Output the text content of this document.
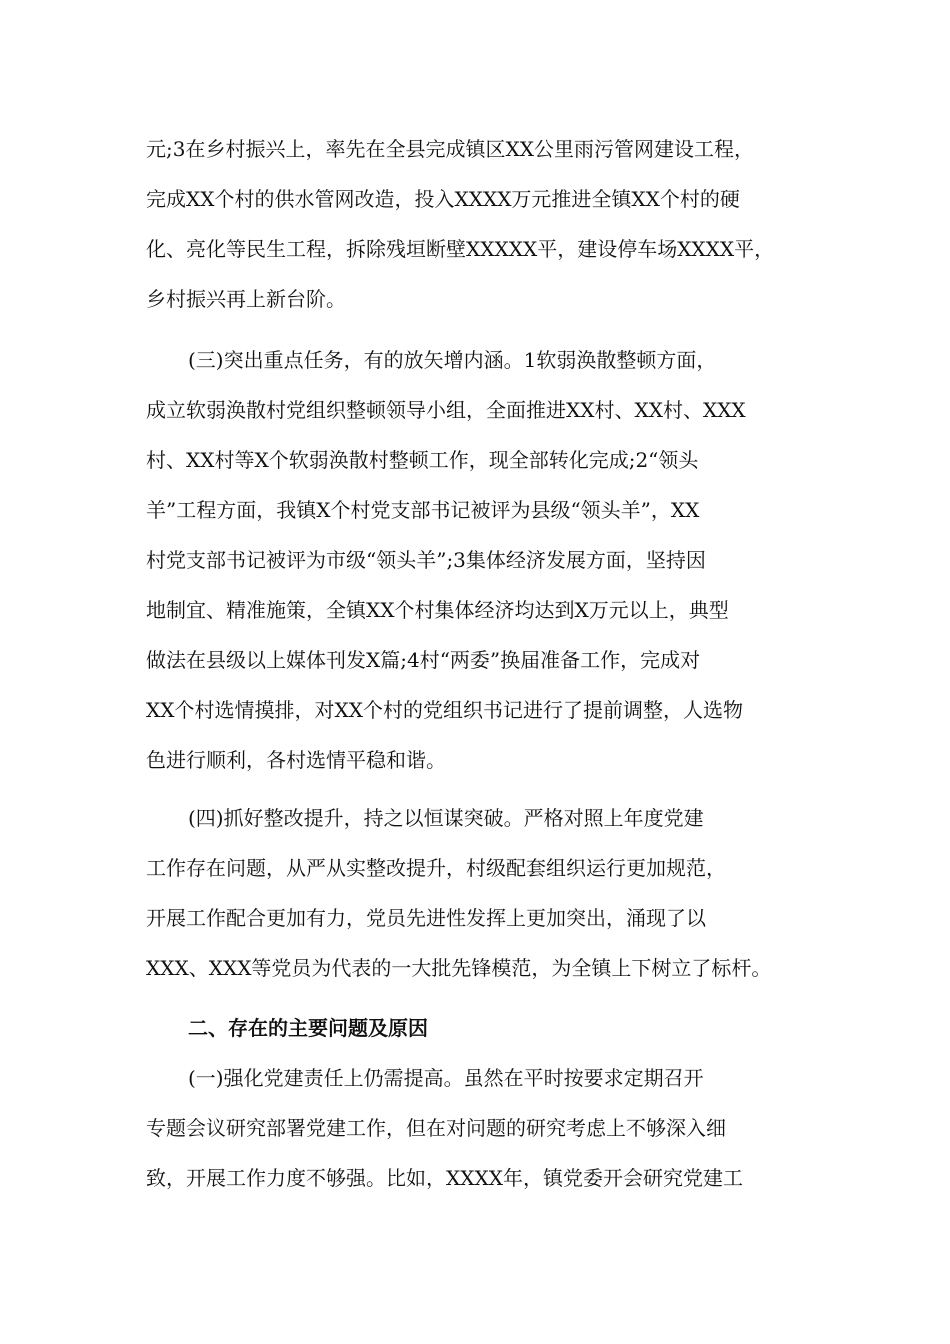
元;3在乡村振兴上，率先在全县完成镇区XX公里雨污管网建设工程，
完成XX个村的供水管网改造，投入XXXX万元推进全镇XX个村的硬
化、亮化等民生工程，拆除残垣断壁XXXXX平，建设停车场XXXX平，
乡村振兴再上新台阶。
(三)突出重点任务，有的放矢增内涵。1软弱涣散整顿方面，
成立软弱涣散村党组织整顿领导小组，全面推进XX村、XX村、XXX
村、XX村等X个软弱涣散村整顿工作，现全部转化完成;2“领头
羊”工程方面，我镇X个村党支部书记被评为县级“领头羊”，XX
村党支部书记被评为市级“领头羊”;3集体经济发展方面，坚持因
地制宜、精准施策，全镇XX个村集体经济均达到X万元以上，典型
做法在县级以上媒体刊发X篇;4村“两委”换届准备工作，完成对
XX个村选情摸排，对XX个村的党组织书记进行了提前调整，人选物
色进行顺利，各村选情平稳和谐。
(四)抓好整改提升，持之以恒谋突破。严格对照上年度党建
工作存在问题，从严从实整改提升，村级配套组织运行更加规范，
开展工作配合更加有力，党员先进性发挥上更加突出，涌现了以
XXX、XXX等党员为代表的一大批先锋模范，为全镇上下树立了标杆。
二、存在的主要问题及原因
(一)强化党建责任上仍需提高。虽然在平时按要求定期召开
专题会议研究部署党建工作，但在对问题的研究考虑上不够深入细
致，开展工作力度不够强。比如，XXXX年，镇党委开会研究党建工
